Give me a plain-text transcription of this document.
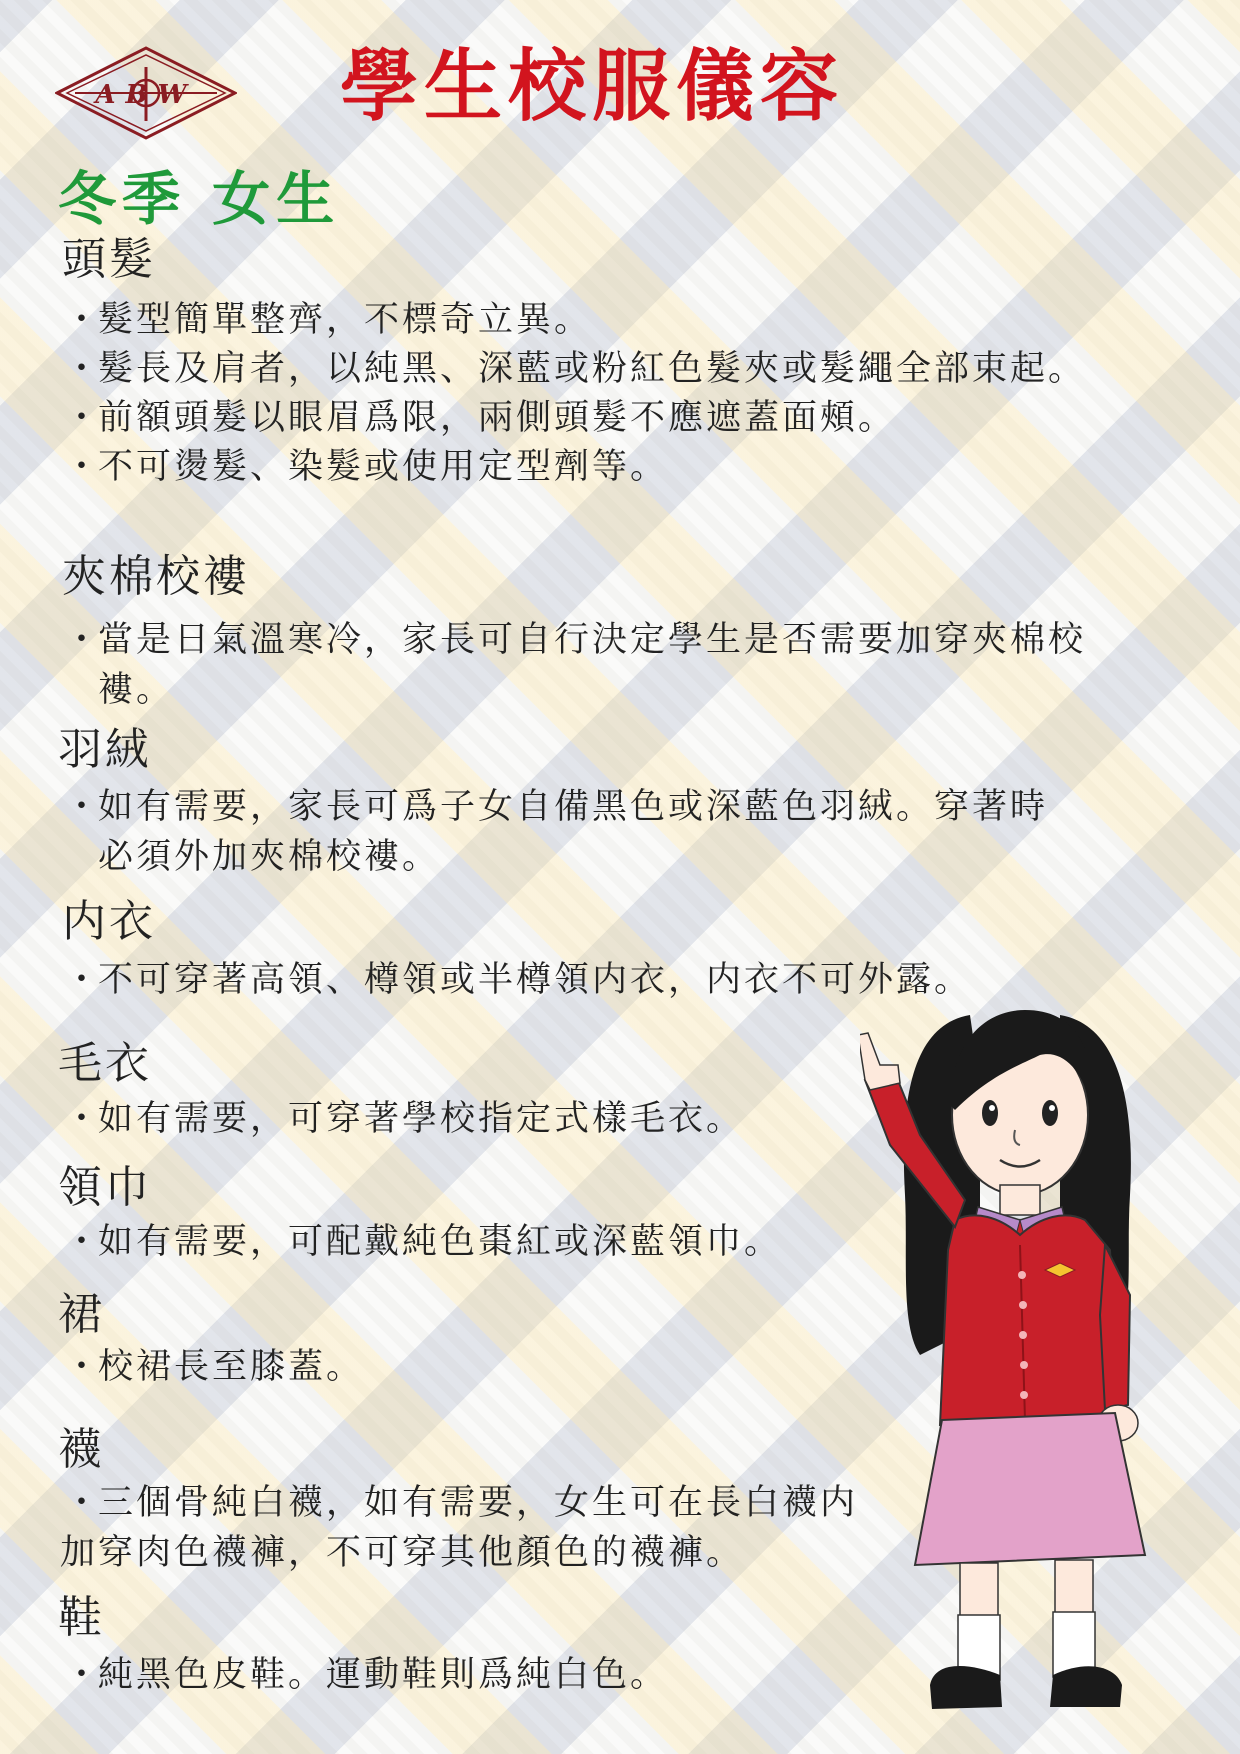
ABW 學生校服儀容
冬季 女生
頭髮
・髮型簡單整齊，不標奇立異。
・髮長及肩者，以純黑、深藍或粉紅色髮夾或髮繩全部束起。
・前額頭髮以眼眉爲限，兩側頭髮不應遮蓋面頰。
・不可燙髮、染髮或使用定型劑等。
夾棉校褸
・當是日氣溫寒冷，家長可自行決定學生是否需要加穿夾棉校
褸。
羽絨
・如有需要，家長可爲子女自備黑色或深藍色羽絨。穿著時
必須外加夾棉校褸。
内衣
・不可穿著高領、樽領或半樽領内衣，内衣不可外露。
毛衣
・如有需要，可穿著學校指定式樣毛衣。
領巾
・如有需要，可配戴純色棗紅或深藍領巾。
裙
・校裙長至膝蓋。
襪
・三個骨純白襪，如有需要，女生可在長白襪内
加穿肉色襪褲，不可穿其他顏色的襪褲。
鞋
・純黑色皮鞋。運動鞋則爲純白色。
